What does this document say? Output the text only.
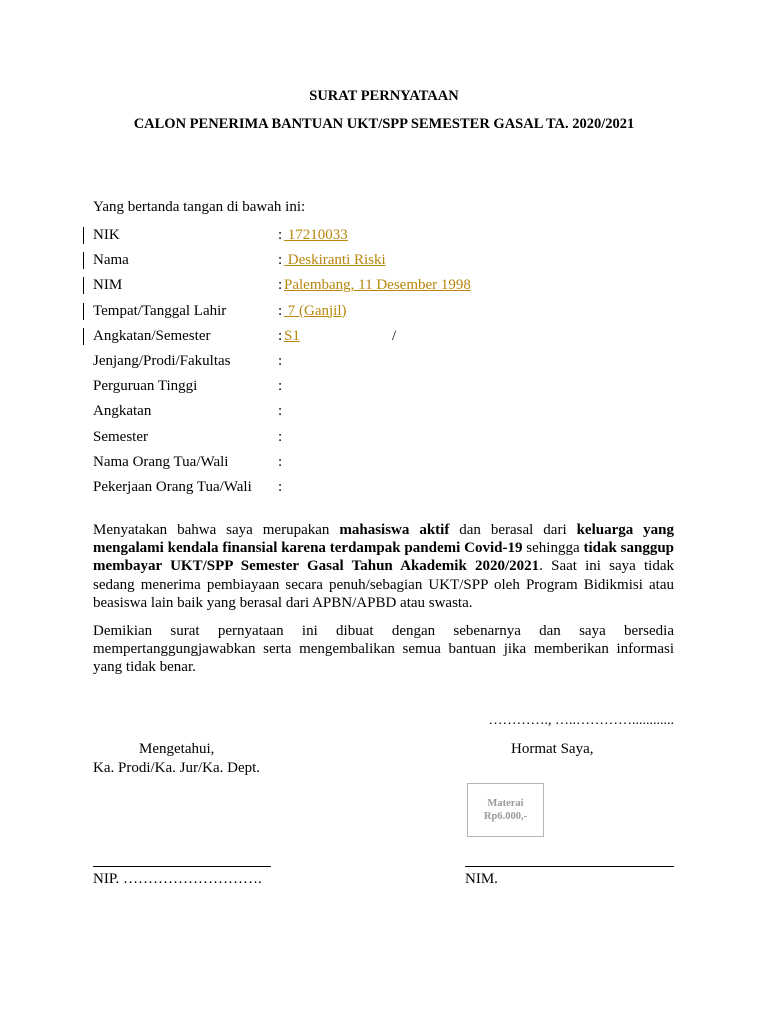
SURAT PERNYATAAN
CALON PENERIMA BANTUAN UKT/SPP SEMESTER GASAL TA. 2020/2021
Yang bertanda tangan di bawah ini:
NIK	: 17210033
Nama	: Deskiranti Riski
NIM	: Palembang, 11 Desember 1998
Tempat/Tanggal Lahir	: 7 (Ganjil)
Angkatan/Semester	: S1	/
Jenjang/Prodi/Fakultas	:
Perguruan Tinggi	:
Angkatan	:
Semester	:
Nama Orang Tua/Wali	:
Pekerjaan Orang Tua/Wali :
Menyatakan bahwa saya merupakan mahasiswa aktif dan berasal dari keluarga yang mengalami kendala finansial karena terdampak pandemi Covid-19 sehingga tidak sanggup membayar UKT/SPP Semester Gasal Tahun Akademik 2020/2021. Saat ini saya tidak sedang menerima pembiayaan secara penuh/sebagian UKT/SPP oleh Program Bidikmisi atau beasiswa lain baik yang berasal dari APBN/APBD atau swasta.
Demikian surat pernyataan ini dibuat dengan sebenarnya dan saya bersedia mempertanggungjawabkan serta mengembalikan semua bantuan jika memberikan informasi yang tidak benar.
…………., …..…………............
Mengetahui,	Hormat Saya,
Ka. Prodi/Ka. Jur/Ka. Dept.
Materai
Rp6.000,-
NIP. ……………………….	NIM.
